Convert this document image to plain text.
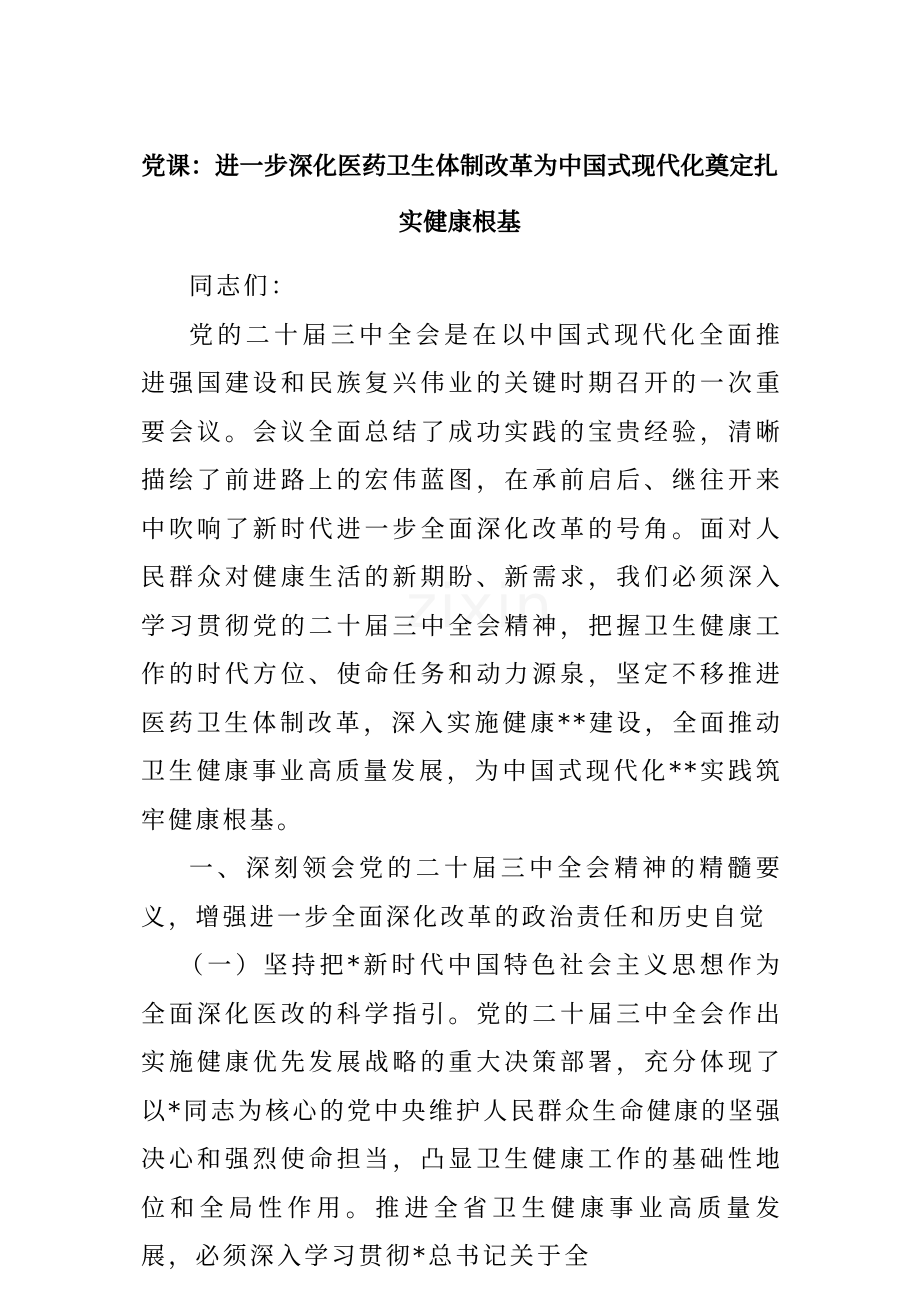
党课：进一步深化医药卫生体制改革为中国式现代化奠定扎
实健康根基

同志们：

党的二十届三中全会是在以中国式现代化全面推进强国建设和民族复兴伟业的关键时期召开的一次重要会议。会议全面总结了成功实践的宝贵经验，清晰描绘了前进路上的宏伟蓝图，在承前启后、继往开来中吹响了新时代进一步全面深化改革的号角。面对人民群众对健康生活的新期盼、新需求，我们必须深入学习贯彻党的二十届三中全会精神，把握卫生健康工作的时代方位、使命任务和动力源泉，坚定不移推进医药卫生体制改革，深入实施健康**建设，全面推动卫生健康事业高质量发展，为中国式现代化**实践筑牢健康根基。

一、深刻领会党的二十届三中全会精神的精髓要义，增强进一步全面深化改革的政治责任和历史自觉

（一）坚持把*新时代中国特色社会主义思想作为全面深化医改的科学指引。党的二十届三中全会作出实施健康优先发展战略的重大决策部署，充分体现了以*同志为核心的党中央维护人民群众生命健康的坚强决心和强烈使命担当，凸显卫生健康工作的基础性地位和全局性作用。推进全省卫生健康事业高质量发展，必须深入学习贯彻*总书记关于全
